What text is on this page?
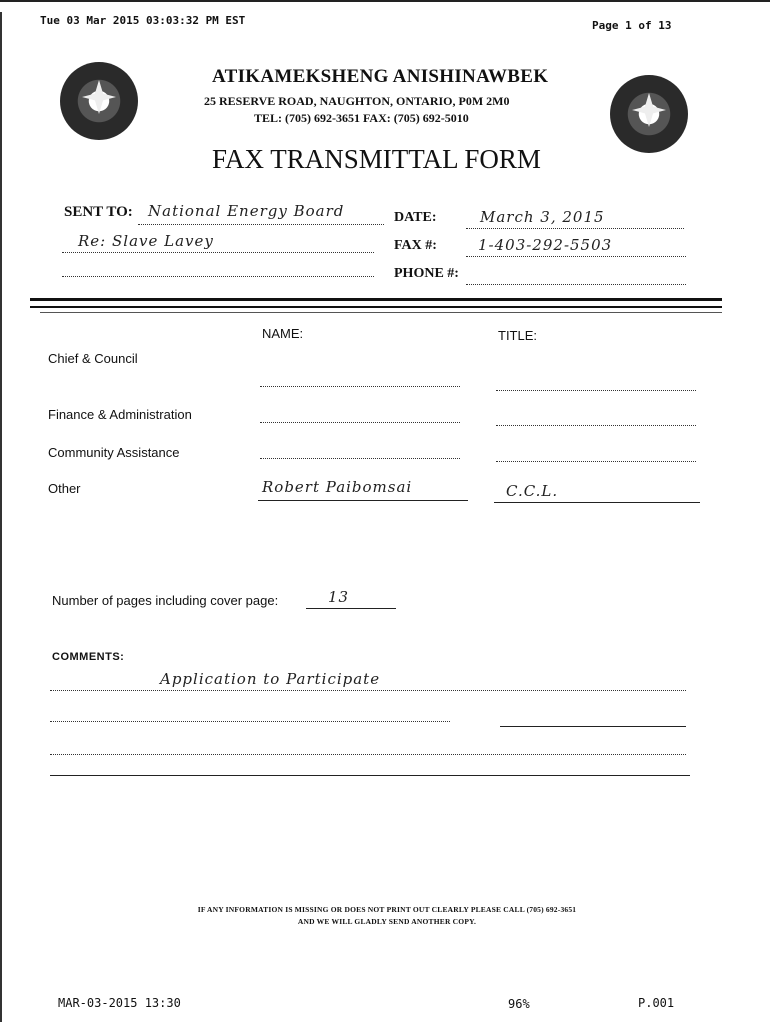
Tue 03 Mar 2015 03:03:32 PM EST	Page 1 of 13
ATIKAMEKSHENG ANISHINAWBEK
25 RESERVE ROAD, NAUGHTON, ONTARIO, P0M 2M0
TEL: (705) 692-3651 FAX: (705) 692-5010
FAX TRANSMITTAL FORM
SENT TO: National Energy Board
Re: Slave Lavey
DATE:	March 3, 2015
FAX #:	1-403-292-5503
PHONE #:
NAME:	TITLE:
Chief & Council
Finance & Administration
Community Assistance
Other	Robert Paibomsai	C.C.L.
Number of pages including cover page:	13
COMMENTS:
Application to Participate
IF ANY INFORMATION IS MISSING OR DOES NOT PRINT OUT CLEARLY PLEASE CALL (705) 692-3651
AND WE WILL GLADLY SEND ANOTHER COPY.
MAR-03-2015 13:30	96%	P.001
